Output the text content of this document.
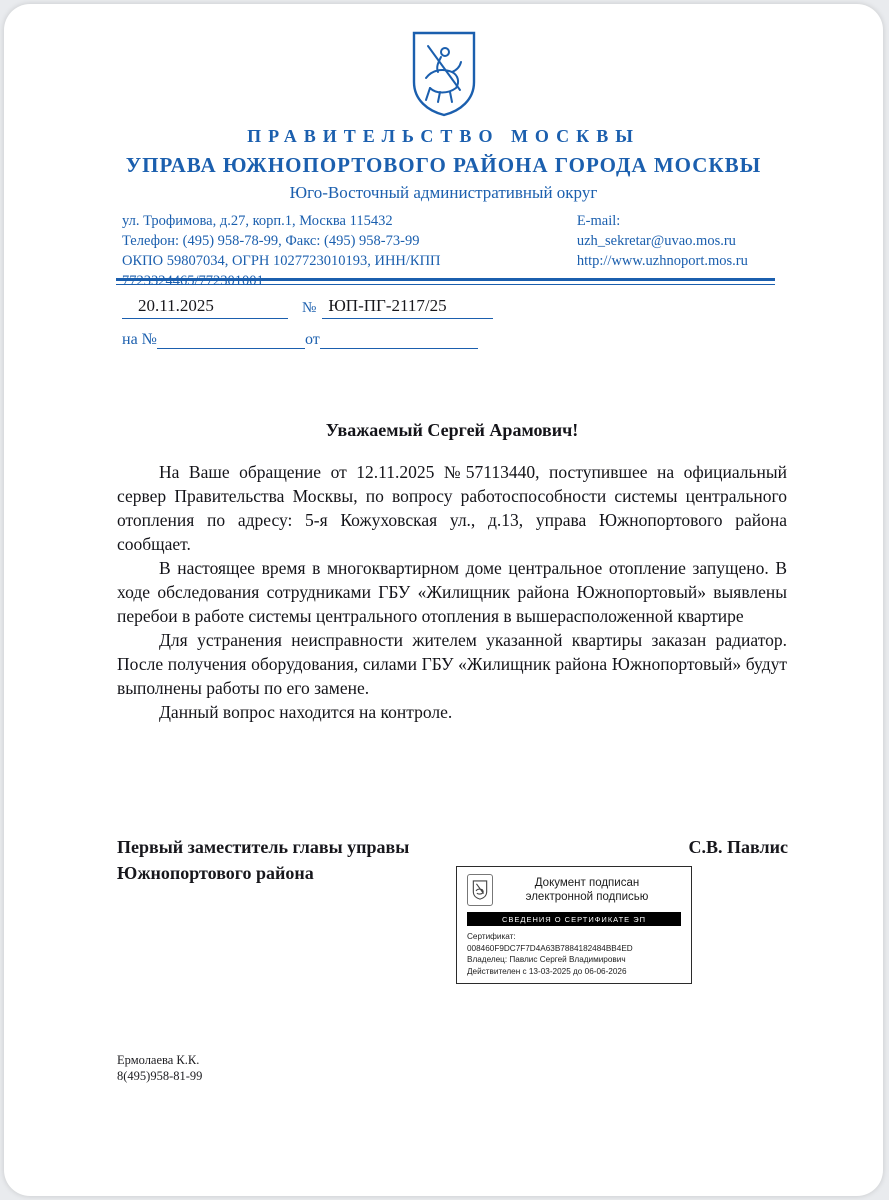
ПРАВИТЕЛЬСТВО МОСКВЫ
УПРАВА ЮЖНОПОРТОВОГО РАЙОНА ГОРОДА МОСКВЫ
Юго-Восточный административный округ
ул. Трофимова, д.27, корп.1, Москва 115432
Телефон: (495) 958-78-99, Факс: (495) 958-73-99
ОКПО 59807034, ОГРН 1027723010193, ИНН/КПП 7723324465/772301001
E-mail: uzh_sekretar@uvao.mos.ru
http://www.uzhnoport.mos.ru
20.11.2025	№ ЮП-ПГ-2117/25
на №	от

Уважаемый Сергей Арамович!

На Ваше обращение от 12.11.2025 №57113440, поступившее на официальный сервер Правительства Москвы, по вопросу работоспособности системы центрального отопления по адресу: 5-я Кожуховская ул., д.13, управа Южнопортового района сообщает.

В настоящее время в многоквартирном доме центральное отопление запущено. В ходе обследования сотрудниками ГБУ «Жилищник района Южнопортовый» выявлены перебои в работе системы центрального отопления в вышерасположенной квартире

Для устранения неисправности жителем указанной квартиры заказан радиатор. После получения оборудования, силами ГБУ «Жилищник района Южнопортовый» будут выполнены работы по его замене.

Данный вопрос находится на контроле.

Первый заместитель главы управы
Южнопортового района
С.В. Павлис
Документ подписан
электронной подписью
СВЕДЕНИЯ О СЕРТИФИКАТЕ ЭП
Сертификат: 008460F9DC7F7D4A63B7884182484BB4ED
Владелец: Павлис Сергей Владимирович
Действителен с 13-03-2025 до 06-06-2026
Ермолаева К.К.
8(495)958-81-99
